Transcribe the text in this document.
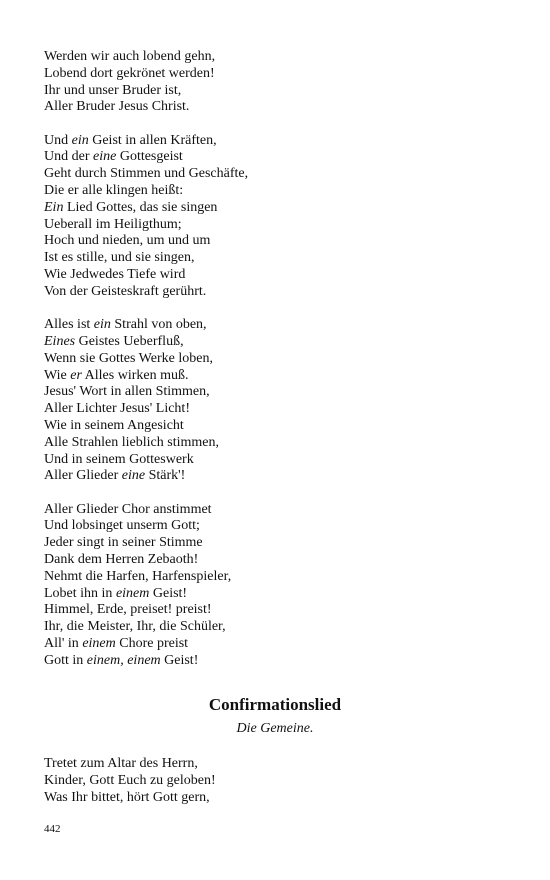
Werden wir auch lobend gehn,
Lobend dort gekrönet werden!
Ihr und unser Bruder ist,
Aller Bruder Jesus Christ.
Und ein Geist in allen Kräften,
Und der eine Gottesgeist
Geht durch Stimmen und Geschäfte,
Die er alle klingen heißt:
Ein Lied Gottes, das sie singen
Ueberall im Heiligthum;
Hoch und nieden, um und um
Ist es stille, und sie singen,
Wie Jedwedes Tiefe wird
Von der Geisteskraft gerührt.
Alles ist ein Strahl von oben,
Eines Geistes Ueberfluß,
Wenn sie Gottes Werke loben,
Wie er Alles wirken muß.
Jesus' Wort in allen Stimmen,
Aller Lichter Jesus' Licht!
Wie in seinem Angesicht
Alle Strahlen lieblich stimmen,
Und in seinem Gotteswerk
Aller Glieder eine Stärk'!
Aller Glieder Chor anstimmet
Und lobsinget unserm Gott;
Jeder singt in seiner Stimme
Dank dem Herren Zebaoth!
Nehmt die Harfen, Harfenspieler,
Lobet ihn in einem Geist!
Himmel, Erde, preiset! preist!
Ihr, die Meister, Ihr, die Schüler,
All' in einem Chore preist
Gott in einem, einem Geist!
Confirmationslied
Die Gemeine.
Tretet zum Altar des Herrn,
Kinder, Gott Euch zu geloben!
Was Ihr bittet, hört Gott gern,
442
